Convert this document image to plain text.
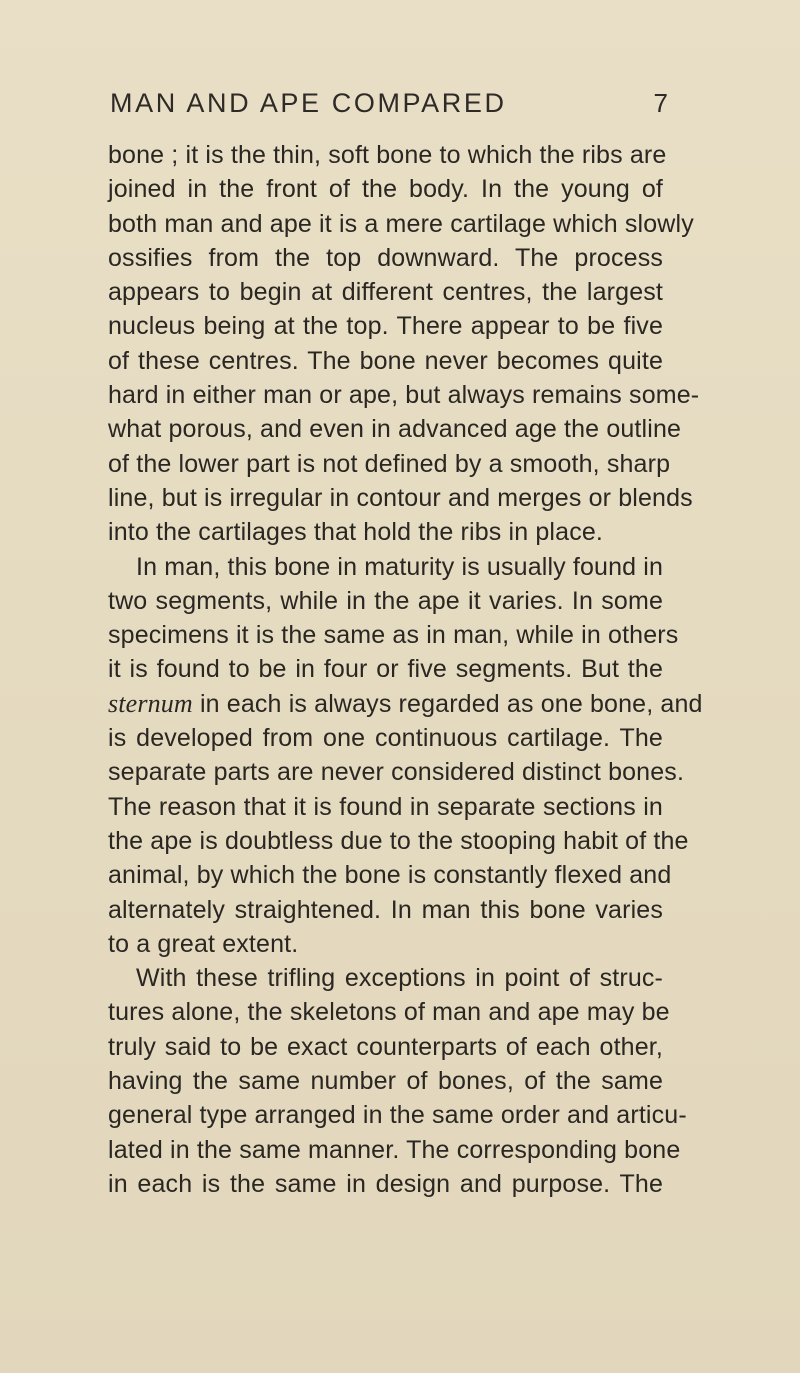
MAN AND APE COMPARED	7
bone ; it is the thin, soft bone to which the ribs are
joined in the front of the body. In the young of
both man and ape it is a mere cartilage which slowly
ossifies from the top downward. The process
appears to begin at different centres, the largest
nucleus being at the top. There appear to be five
of these centres. The bone never becomes quite
hard in either man or ape, but always remains some-
what porous, and even in advanced age the outline
of the lower part is not defined by a smooth, sharp
line, but is irregular in contour and merges or blends
into the cartilages that hold the ribs in place.
In man, this bone in maturity is usually found in
two segments, while in the ape it varies. In some
specimens it is the same as in man, while in others
it is found to be in four or five segments. But the
sternum in each is always regarded as one bone, and
is developed from one continuous cartilage. The
separate parts are never considered distinct bones.
The reason that it is found in separate sections in
the ape is doubtless due to the stooping habit of the
animal, by which the bone is constantly flexed and
alternately straightened. In man this bone varies
to a great extent.
With these trifling exceptions in point of struc-
tures alone, the skeletons of man and ape may be
truly said to be exact counterparts of each other,
having the same number of bones, of the same
general type arranged in the same order and articu-
lated in the same manner. The corresponding bone
in each is the same in design and purpose. The
